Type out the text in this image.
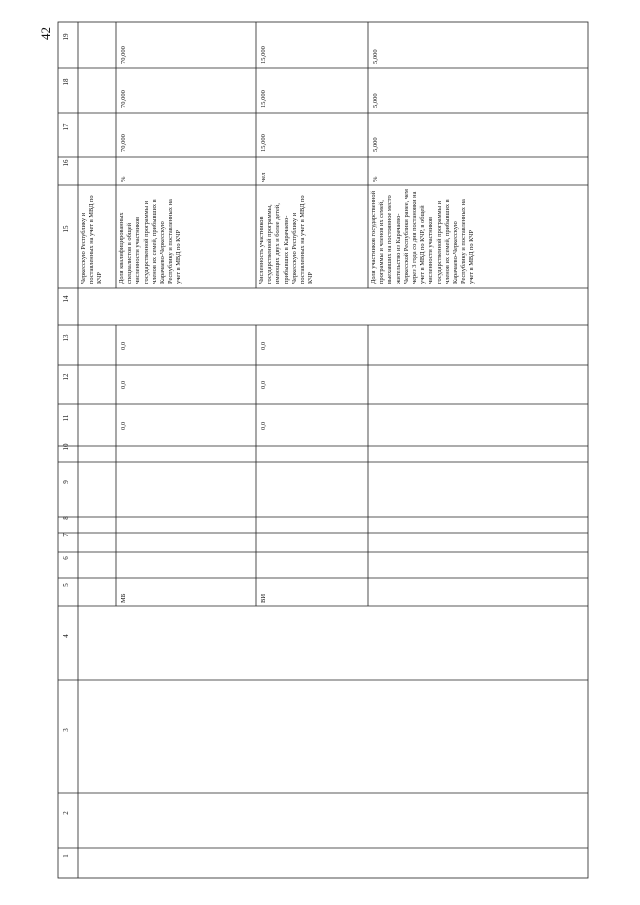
42 19
18
17
16
15
14
13
12
11
10
9
8
7
6
5
4
3
2
1
70,000
70,000
70,000
Черкесскую Республику и поставленных на учет в МВД по КЧР
%
Доля квалифицированных специалистов в общей численности участников государственной программы и членов их семей, прибывших в Карачаево-Черкесскую Республику и поставленных на учет в МВД по КЧР
0,0
0,0
0,0
МБ
15,000
15,000
15,000
чел
Численность участников государственной программы, имеющих двух и более детей, прибывших в Карачаево-Черкесскую Республику и поставленных на учет в МВД по КЧР
0,0
0,0
0,0
ВИ
5,000
5,000
5,000
%
Доля участников государственной программы и членов их семей, выехавших на постоянное место жительство из Карачаево-Черкесской Республики ранее, чем через 3 года со дня постановки на учет в МВД по КЧР, в общей численности участников государственной программы и членов их семей, прибывших в Карачаево-Черкесскую Республику и поставленных на учет в МВД по КЧР
